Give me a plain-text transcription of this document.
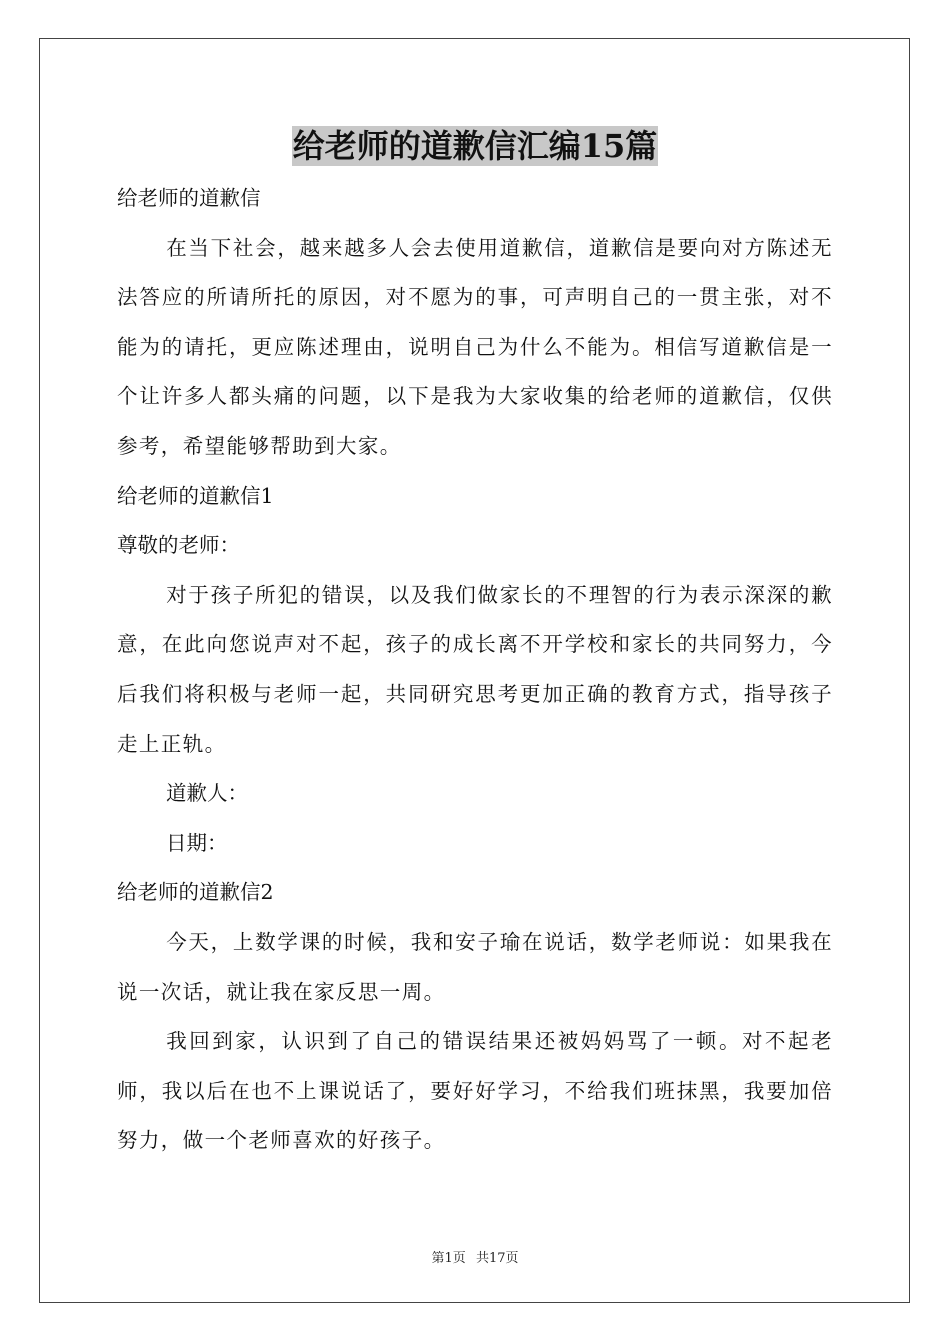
给老师的道歉信汇编15篇
给老师的道歉信
在当下社会，越来越多人会去使用道歉信，道歉信是要向对方陈述无法答应的所请所托的原因，对不愿为的事，可声明自己的一贯主张，对不能为的请托，更应陈述理由，说明自己为什么不能为。相信写道歉信是一个让许多人都头痛的问题，以下是我为大家收集的给老师的道歉信，仅供参考，希望能够帮助到大家。
给老师的道歉信1
尊敬的老师：
对于孩子所犯的错误，以及我们做家长的不理智的行为表示深深的歉意，在此向您说声对不起，孩子的成长离不开学校和家长的共同努力，今后我们将积极与老师一起，共同研究思考更加正确的教育方式，指导孩子走上正轨。
道歉人：
日期：
给老师的道歉信2
今天，上数学课的时候，我和安子瑜在说话，数学老师说：如果我在说一次话，就让我在家反思一周。
我回到家，认识到了自己的错误结果还被妈妈骂了一顿。对不起老师，我以后在也不上课说话了，要好好学习，不给我们班抹黑，我要加倍努力，做一个老师喜欢的好孩子。
第1页 共17页
